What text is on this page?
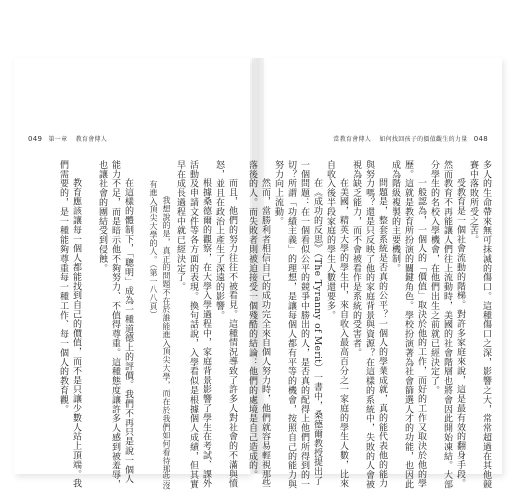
049 第一章 教育會傳人

而且，他們的努力往往不被看見。這種情況導致了許多人對社會的不滿與憤怒，並且在政治上產生了深遠的影響。

根據桑德爾的觀察，在大學入學過程中，家庭背景影響了學生在考試、課外活動及申請文件等各方面的表現。換句話說，入學看似是根據個人成績，但其實早在成長過程中就已經決定了。

我想說的是，真正的問題不在於誰能進入頂尖大學，而在於我們如何看待那些沒有進入頂尖大學的人。（第一八八頁）

在這樣的體制下，「聰明」成為一種道德上的評價。我們不再只是說一個人能力不足，而是暗示他不夠努力、不值得尊重。這種態度讓許多人感到被羞辱，也讓社會的團結受到侵蝕。

教育應該讓每一個人都能找到自己的價值，而不是只讓少數人站上頂端。我們需要的，是一種能夠尊重每一種工作、每一個人的教育觀。

當教育會傳人 如何找回孩子的價值觀生的力量 048

多人的生命帶來無可抹滅的傷口。這種傷口之深，影響之大，常常超過在其他競賽中落敗所受之苦。

受教育是一個社會流動的階梯。對許多家庭來說，這是最有效的翻身手段。然而教育不再能讓人們往上流動時，美國的社會階層也將會因此開始凍結。大部分學生的名校入學機會，在他們出生之前就已經決定了。

一般認為，一個人的「價值」取決於他的工作，而好的工作又取決於他的學歷。這就是教育所扮演的關鍵角色。學校扮演著為社會篩選人才的功能，也因此成為階級複製的主要機制。

問題是，整套系統是否真的公平？一個人的學業成就，真的能代表他的能力與努力嗎？還是只反映了他的家庭背景與資源？在這樣的系統中，失敗的人會被視為缺乏能力，而不會被看作是系統的受害者。

在美國，精英大學的學生中，來自收入最高百分之一家庭的學生人數，比來自收入後半段家庭的學生人數還要多。

在《成功的反思》（The Tyranny of Merit）一書中，桑德爾教授提出了一個問題：在一個看似公平的競爭中勝出的人，是否真的配得上他們所得到的一切？所謂「功績主義」的理想，是讓每個人都有平等的機會，按照自己的能力與努力向上流動。

然而，當勝利者相信自己的成功完全來自個人努力時，他們就容易輕視那些落後的人。而失敗者則被迫接受一個殘酷的結論：他們的處境是自己造成的。
